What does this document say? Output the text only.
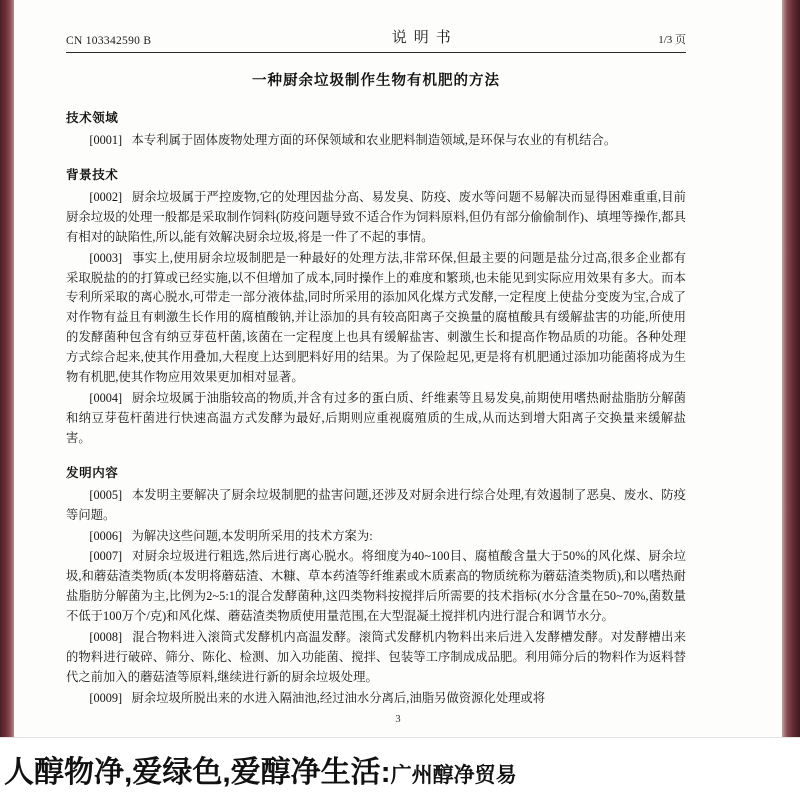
CN 103342590 B	说明书	1/3 页
一种厨余垃圾制作生物有机肥的方法
技术领域

[0001] 本专利属于固体废物处理方面的环保领域和农业肥料制造领域,是环保与农业的有机结合。

背景技术

[0002] 厨余垃圾属于严控废物,它的处理因盐分高、易发臭、防疫、废水等问题不易解决而显得困难重重,目前厨余垃圾的处理一般都是采取制作饲料(防疫问题导致不适合作为饲料原料,但仍有部分偷偷制作)、填埋等操作,都具有相对的缺陷性,所以,能有效解决厨余垃圾,将是一件了不起的事情。

[0003] 事实上,使用厨余垃圾制肥是一种最好的处理方法,非常环保,但最主要的问题是盐分过高,很多企业都有采取脱盐的的打算或已经实施,以不但增加了成本,同时操作上的难度和繁琐,也未能见到实际应用效果有多大。而本专利所采取的离心脱水,可带走一部分液体盐,同时所采用的添加风化煤方式发酵,一定程度上使盐分变废为宝,合成了对作物有益且有刺激生长作用的腐植酸钠,并让添加的具有较高阳离子交换量的腐植酸具有缓解盐害的功能,所使用的发酵菌种包含有纳豆芽苞杆菌,该菌在一定程度上也具有缓解盐害、刺激生长和提高作物品质的功能。各种处理方式综合起来,使其作用叠加,大程度上达到肥料好用的结果。为了保险起见,更是将有机肥通过添加功能菌将成为生物有机肥,使其作物应用效果更加相对显著。

[0004] 厨余垃圾属于油脂较高的物质,并含有过多的蛋白质、纤维素等且易发臭,前期使用嗜热耐盐脂肪分解菌和纳豆芽苞杆菌进行快速高温方式发酵为最好,后期则应重视腐殖质的生成,从而达到增大阳离子交换量来缓解盐害。

发明内容

[0005] 本发明主要解决了厨余垃圾制肥的盐害问题,还涉及对厨余进行综合处理,有效遏制了恶臭、废水、防疫等问题。

[0006] 为解决这些问题,本发明所采用的技术方案为:

[0007] 对厨余垃圾进行粗选,然后进行离心脱水。将细度为40~100目、腐植酸含量大于50%的风化煤、厨余垃圾,和蘑菇渣类物质(本发明将蘑菇渣、木糠、草本药渣等纤维素或木质素高的物质统称为蘑菇渣类物质),和以嗜热耐盐脂肪分解菌为主,比例为2~5:1的混合发酵菌种,这四类物料按搅拌后所需要的技术指标(水分含量在50~70%,菌数量不低于100万个/克)和风化煤、蘑菇渣类物质使用量范围,在大型混凝土搅拌机内进行混合和调节水分。

[0008] 混合物料进入滚筒式发酵机内高温发酵。滚筒式发酵机内物料出来后进入发酵槽发酵。对发酵槽出来的物料进行破碎、筛分、陈化、检测、加入功能菌、搅拌、包装等工序制成成品肥。利用筛分后的物料作为返料替代之前加入的蘑菇渣等原料,继续进行新的厨余垃圾处理。

[0009] 厨余垃圾所脱出来的水进入隔油池,经过油水分离后,油脂另做资源化处理或将

3
人醇物净,爱绿色,爱醇净生活:广州醇净贸易
